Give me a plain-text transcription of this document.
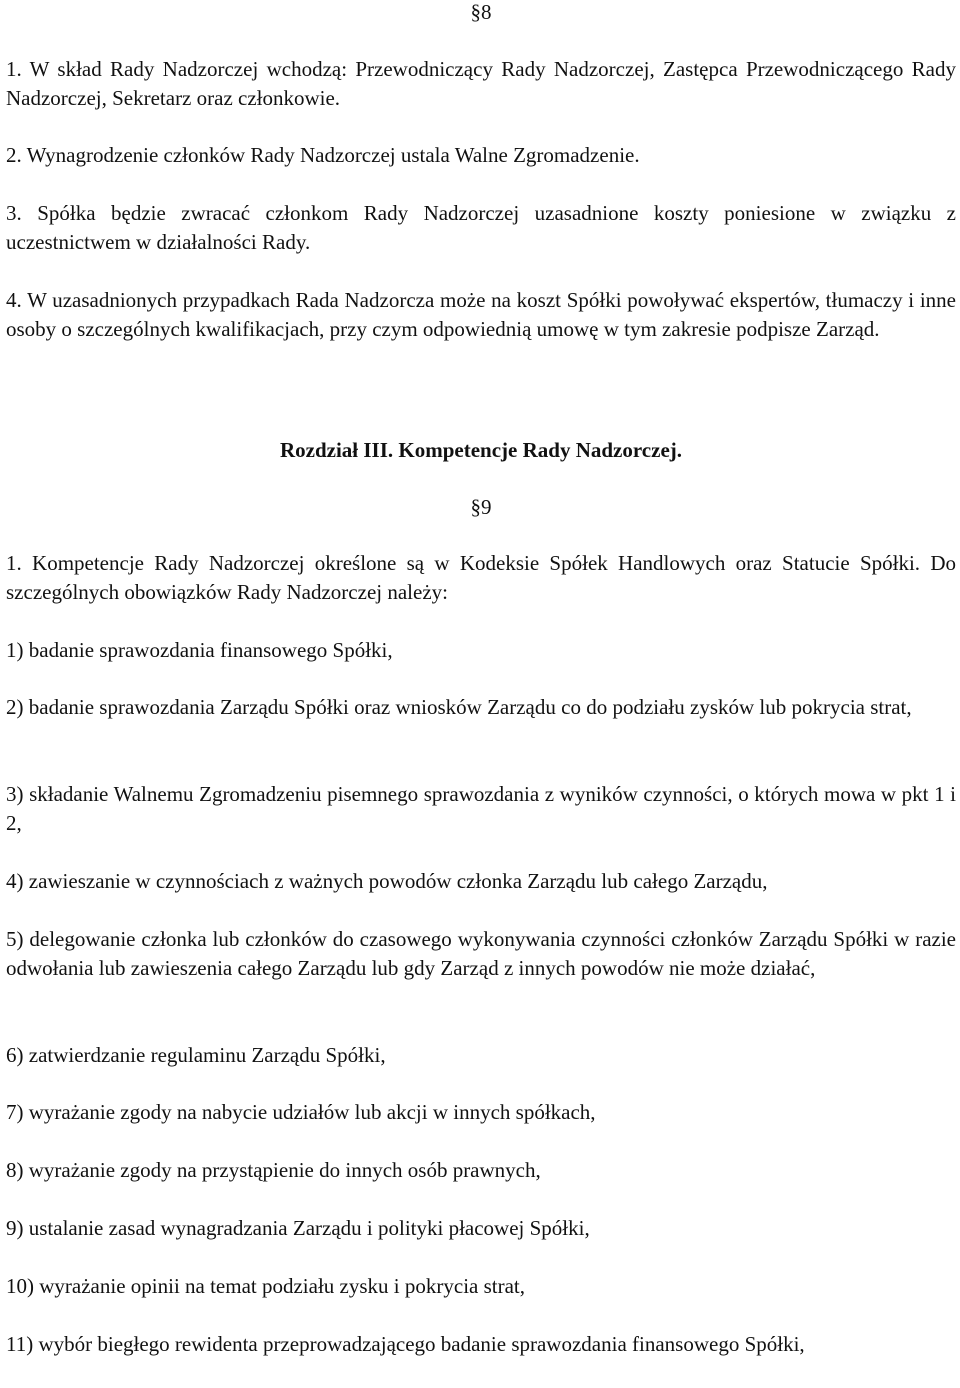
§8

1. W skład Rady Nadzorczej wchodzą: Przewodniczący Rady Nadzorczej, Zastępca Przewodniczącego Rady Nadzorczej, Sekretarz oraz członkowie.

2. Wynagrodzenie członków Rady Nadzorczej ustala Walne Zgromadzenie.

3. Spółka będzie zwracać członkom Rady Nadzorczej uzasadnione koszty poniesione w związku z uczestnictwem w działalności Rady.

4. W uzasadnionych przypadkach Rada Nadzorcza może na koszt Spółki powoływać ekspertów, tłumaczy i inne osoby o szczególnych kwalifikacjach, przy czym odpowiednią umowę w tym zakresie podpisze Zarząd.

Rozdział III. Kompetencje Rady Nadzorczej.

§9

1. Kompetencje Rady Nadzorczej określone są w Kodeksie Spółek Handlowych oraz Statucie Spółki. Do szczególnych obowiązków Rady Nadzorczej należy:

1) badanie sprawozdania finansowego Spółki,

2) badanie sprawozdania Zarządu Spółki oraz wniosków Zarządu co do podziału zysków lub pokrycia strat,

3) składanie Walnemu Zgromadzeniu pisemnego sprawozdania z wyników czynności, o których mowa w pkt 1 i 2,

4) zawieszanie w czynnościach z ważnych powodów członka Zarządu lub całego Zarządu,

5) delegowanie członka lub członków do czasowego wykonywania czynności członków Zarządu Spółki w razie odwołania lub zawieszenia całego Zarządu lub gdy Zarząd z innych powodów nie może działać,

6) zatwierdzanie regulaminu Zarządu Spółki,

7) wyrażanie zgody na nabycie udziałów lub akcji w innych spółkach,

8) wyrażanie zgody na przystąpienie do innych osób prawnych,

9) ustalanie zasad wynagradzania Zarządu i polityki płacowej Spółki,

10) wyrażanie opinii na temat podziału zysku i pokrycia strat,

11) wybór biegłego rewidenta przeprowadzającego badanie sprawozdania finansowego Spółki,
